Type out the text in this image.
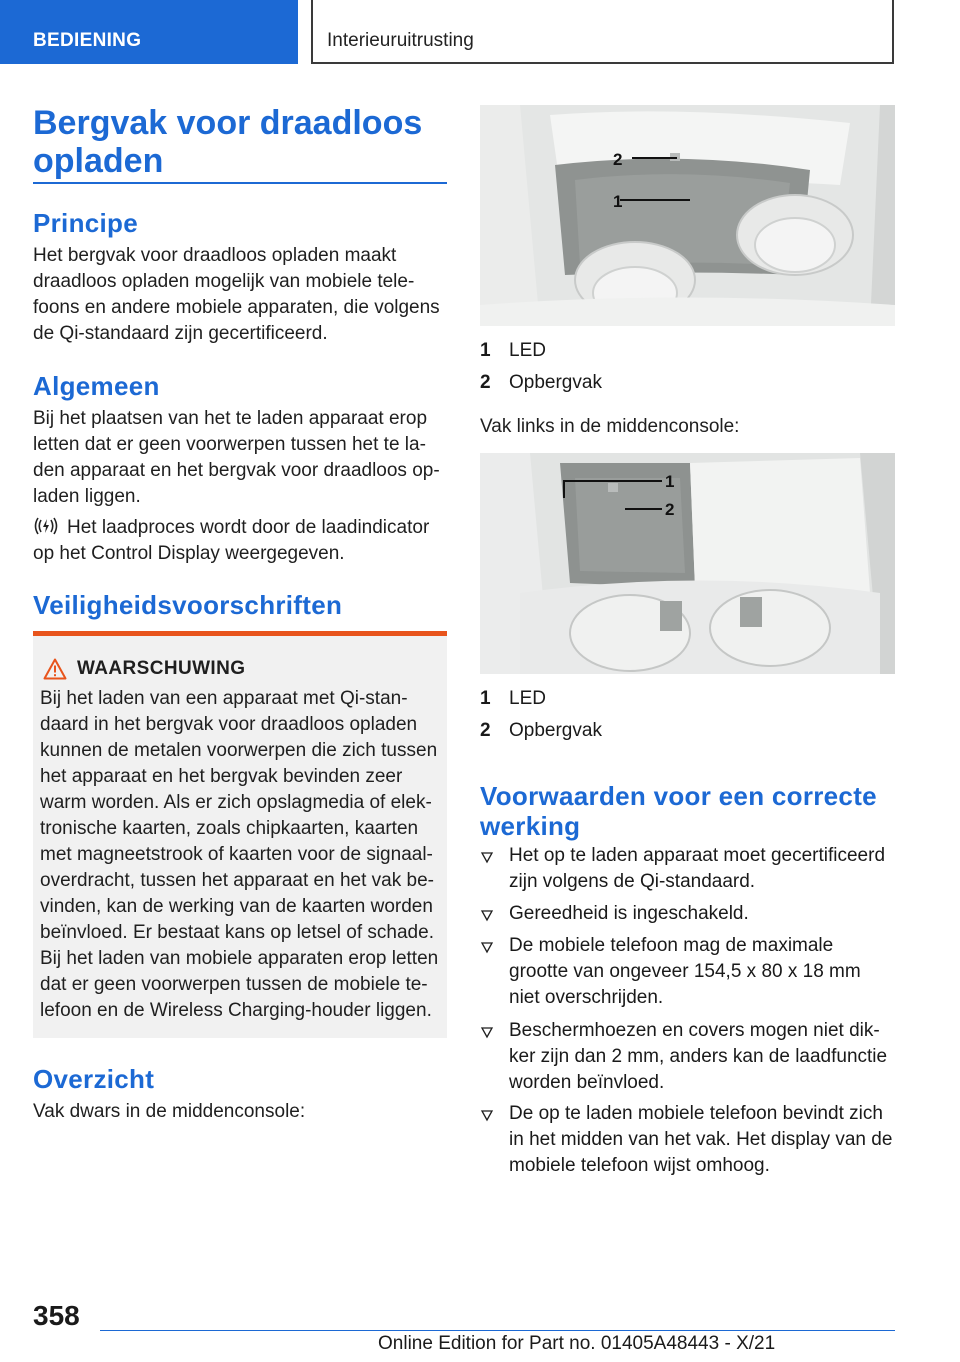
BEDIENING	Interieuruitrusting
Bergvak voor draadloos opladen
Principe

Het bergvak voor draadloos opladen maakt draadloos opladen mogelijk van mobiele tele-foons en andere mobiele apparaten, die volgens de Qi-standaard zijn gecertificeerd.

Algemeen

Bij het plaatsen van het te laden apparaat erop letten dat er geen voorwerpen tussen het te la-den apparaat en het bergvak voor draadloos op-laden liggen.

Het laadproces wordt door de laadindicator op het Control Display weergegeven.

Veiligheidsvoorschriften
WAARSCHUWING

Bij het laden van een apparaat met Qi-stan-daard in het bergvak voor draadloos opladen kunnen de metalen voorwerpen die zich tussen het apparaat en het bergvak bevinden zeer warm worden. Als er zich opslagmedia of elek-tronische kaarten, zoals chipkaarten, kaarten met magneetstrook of kaarten voor de signaal-overdracht, tussen het apparaat en het vak be-vinden, kan de werking van de kaarten worden beïnvloed. Er bestaat kans op letsel of schade. Bij het laden van mobiele apparaten erop letten dat er geen voorwerpen tussen de mobiele te-lefoon en de Wireless Charging-houder liggen.

Overzicht

Vak dwars in de middenconsole:

2
1
1 LED
2 Opbergvak

Vak links in de middenconsole:

1
2
1 LED
2 Opbergvak
Voorwaarden voor een correcte werking

Het op te laden apparaat moet gecertificeerd zijn volgens de Qi-standaard.

Gereedheid is ingeschakeld.

De mobiele telefoon mag de maximale grootte van ongeveer 154,5 x 80 x 18 mm niet overschrijden.

Beschermhoezen en covers mogen niet dik-ker zijn dan 2 mm, anders kan de laadfunctie worden beïnvloed.

De op te laden mobiele telefoon bevindt zich in het midden van het vak. Het display van de mobiele telefoon wijst omhoog.

358
Online Edition for Part no. 01405A48443 - X/21
